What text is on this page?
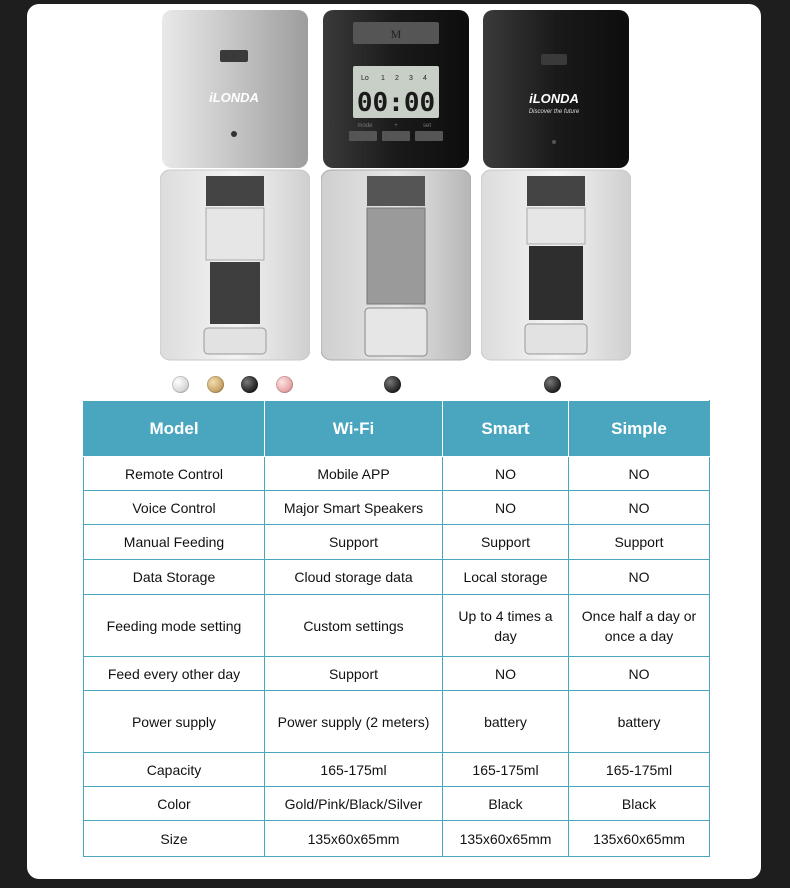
iLONDA
M
Lo 1 2 3 4
00:00
mode	+	set
iLONDA
Discover the future
Model	Wi-Fi	Smart	Simple
Remote Control	Mobile APP	NO	NO
Voice Control	Major Smart Speakers	NO	NO
Manual Feeding	Support	Support	Support
Data Storage	Cloud storage data	Local storage	NO
Feeding mode setting	Custom settings	Up to 4 times a day	Once half a day or once a day
Feed every other day	Support	NO	NO
Power supply	Power supply (2 meters)	battery	battery
Capacity	165-175ml	165-175ml	165-175ml
Color	Gold/Pink/Black/Silver	Black	Black
Size	135x60x65mm	135x60x65mm	135x60x65mm
